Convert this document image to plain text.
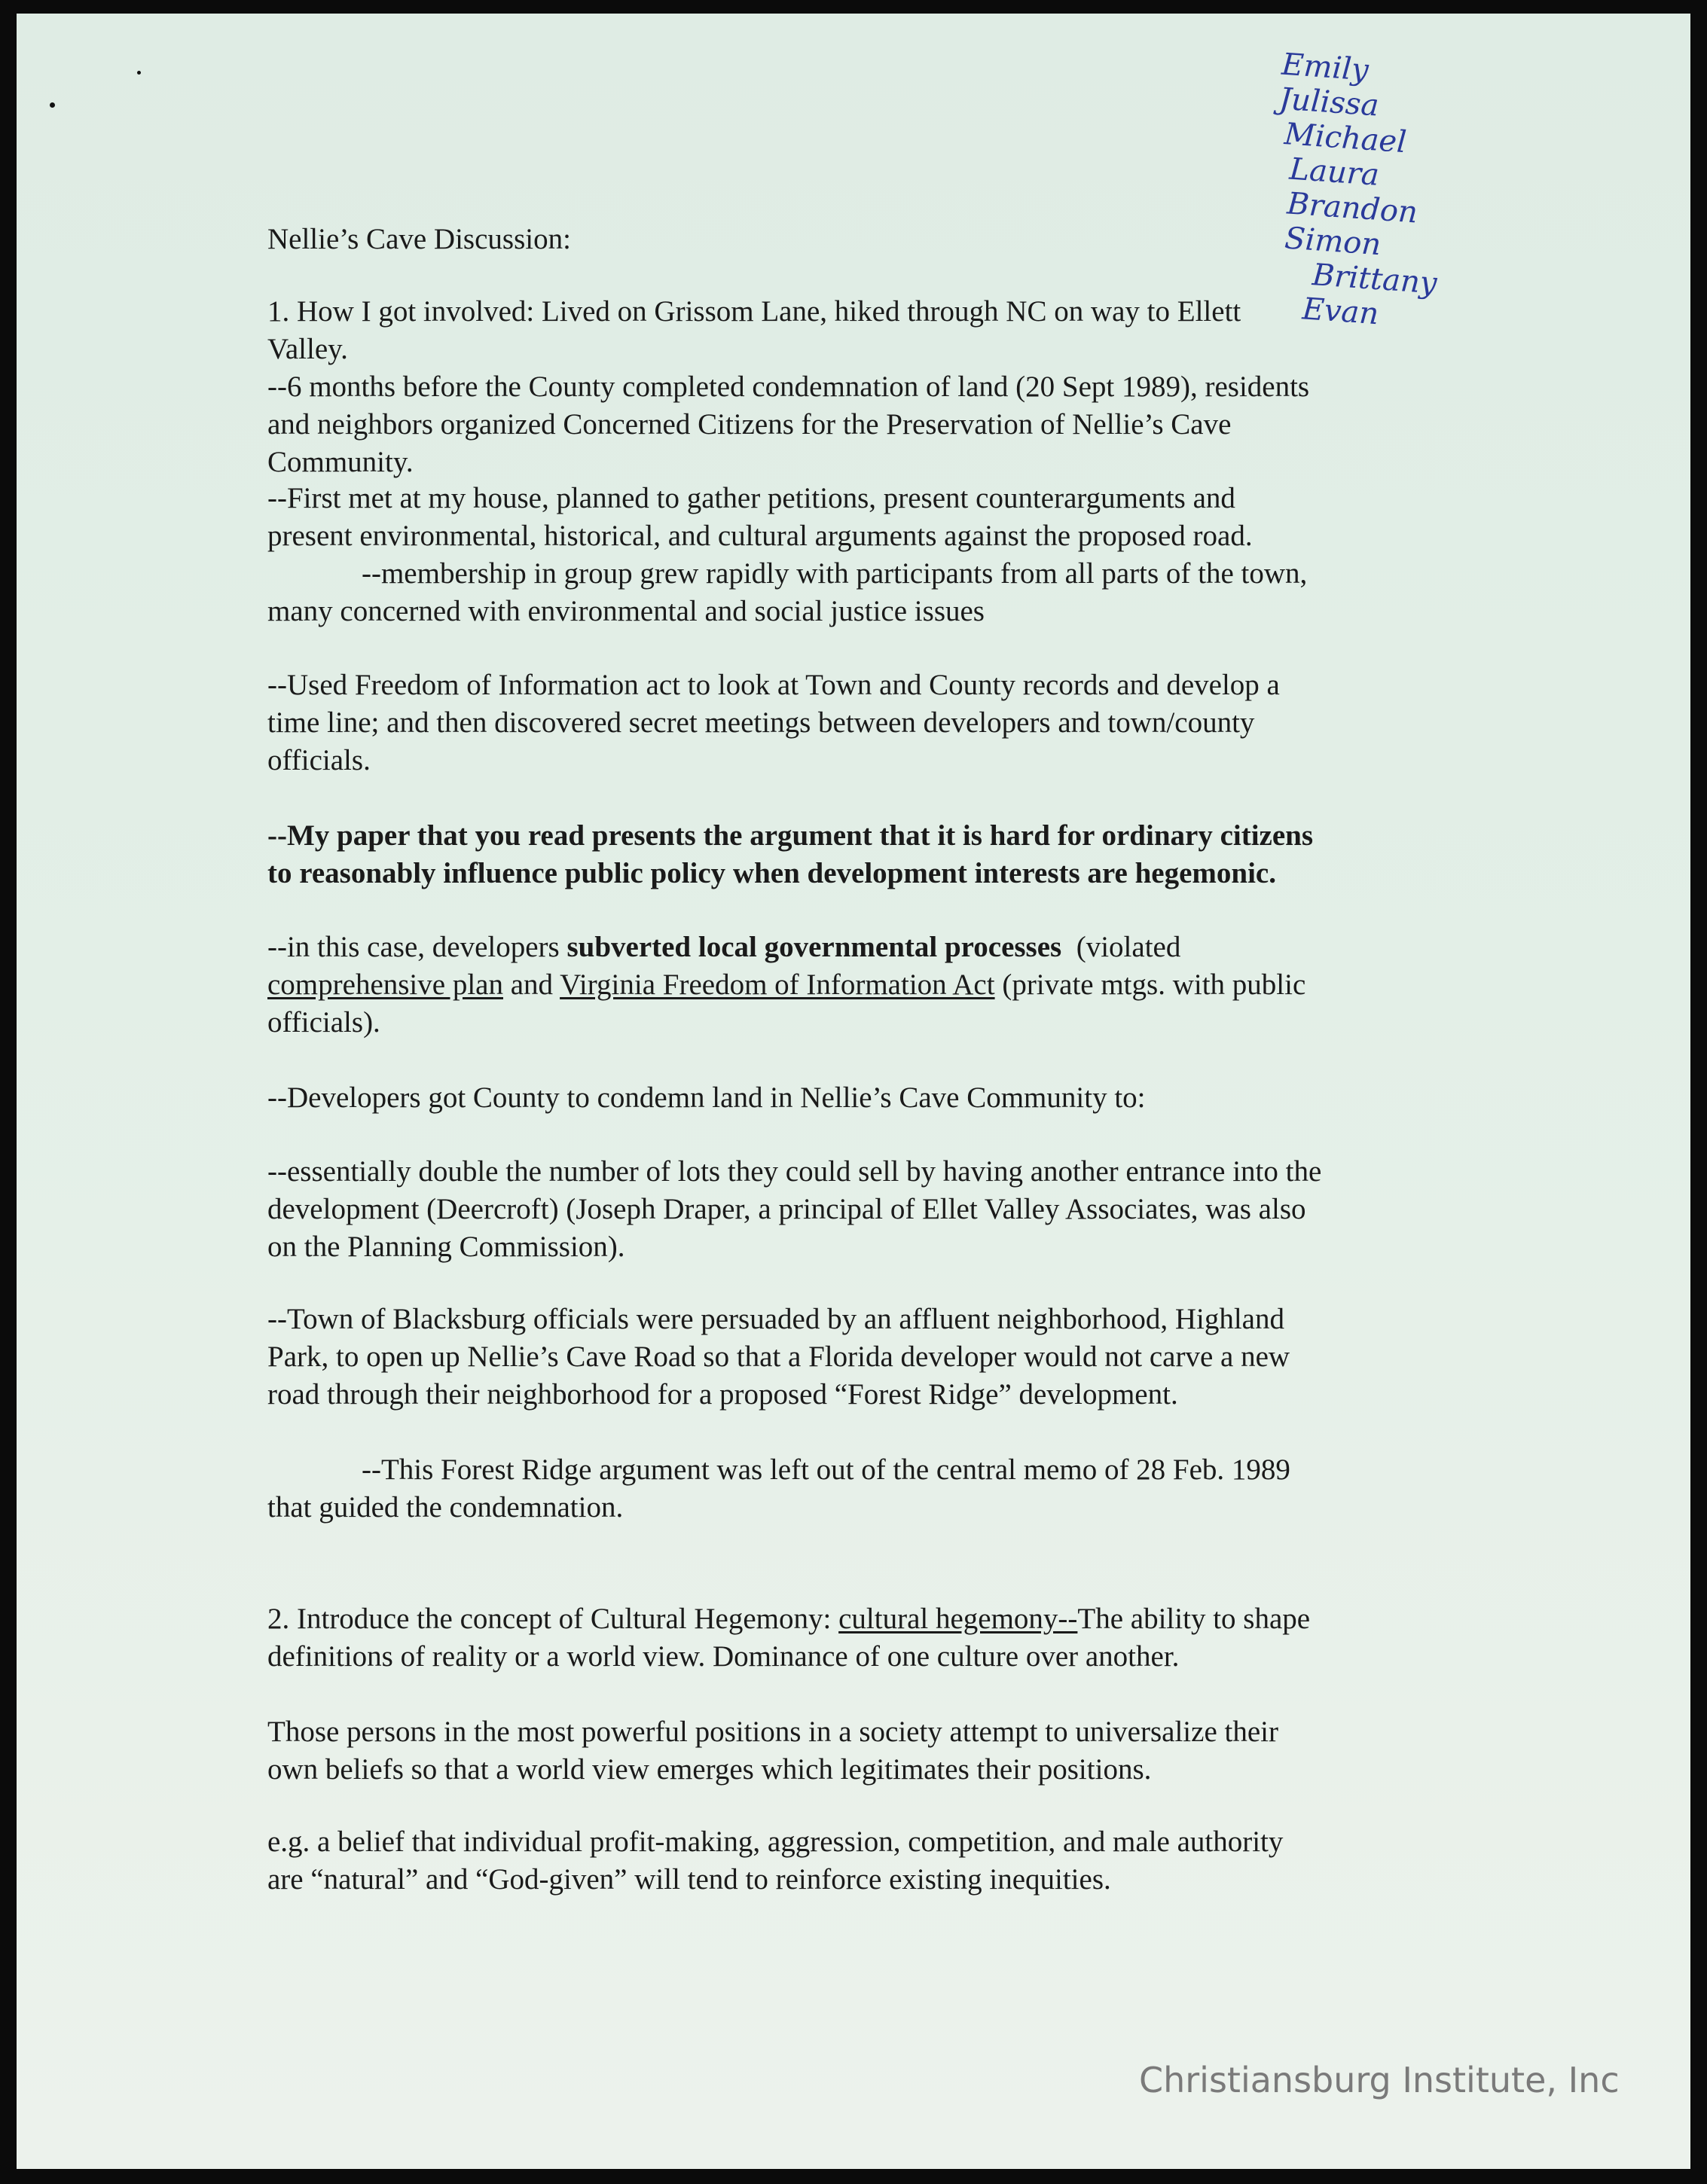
Emily
Julissa
Michael
Laura
Brandon
Simon
Brittany
Evan
Nellie’s Cave Discussion:
1. How I got involved: Lived on Grissom Lane, hiked through NC on way to Ellett
Valley.
--6 months before the County completed condemnation of land (20 Sept 1989), residents
and neighbors organized Concerned Citizens for the Preservation of Nellie’s Cave
Community.
--First met at my house, planned to gather petitions, present counterarguments and
present environmental, historical, and cultural arguments against the proposed road.
--membership in group grew rapidly with participants from all parts of the town,
many concerned with environmental and social justice issues
--Used Freedom of Information act to look at Town and County records and develop a
time line; and then discovered secret meetings between developers and town/county
officials.
--My paper that you read presents the argument that it is hard for ordinary citizens
to reasonably influence public policy when development interests are hegemonic.
--in this case, developers subverted local governmental processes  (violated
comprehensive plan and Virginia Freedom of Information Act (private mtgs. with public
officials).
--Developers got County to condemn land in Nellie’s Cave Community to:
--essentially double the number of lots they could sell by having another entrance into the
development (Deercroft) (Joseph Draper, a principal of Ellet Valley Associates, was also
on the Planning Commission).
--Town of Blacksburg officials were persuaded by an affluent neighborhood, Highland
Park, to open up Nellie’s Cave Road so that a Florida developer would not carve a new
road through their neighborhood for a proposed “Forest Ridge” development.
--This Forest Ridge argument was left out of the central memo of 28 Feb. 1989
that guided the condemnation.
2. Introduce the concept of Cultural Hegemony: cultural hegemony--The ability to shape
definitions of reality or a world view. Dominance of one culture over another.
Those persons in the most powerful positions in a society attempt to universalize their
own beliefs so that a world view emerges which legitimates their positions.
e.g. a belief that individual profit-making, aggression, competition, and male authority
are “natural” and “God-given” will tend to reinforce existing inequities.
Christiansburg Institute, Inc
